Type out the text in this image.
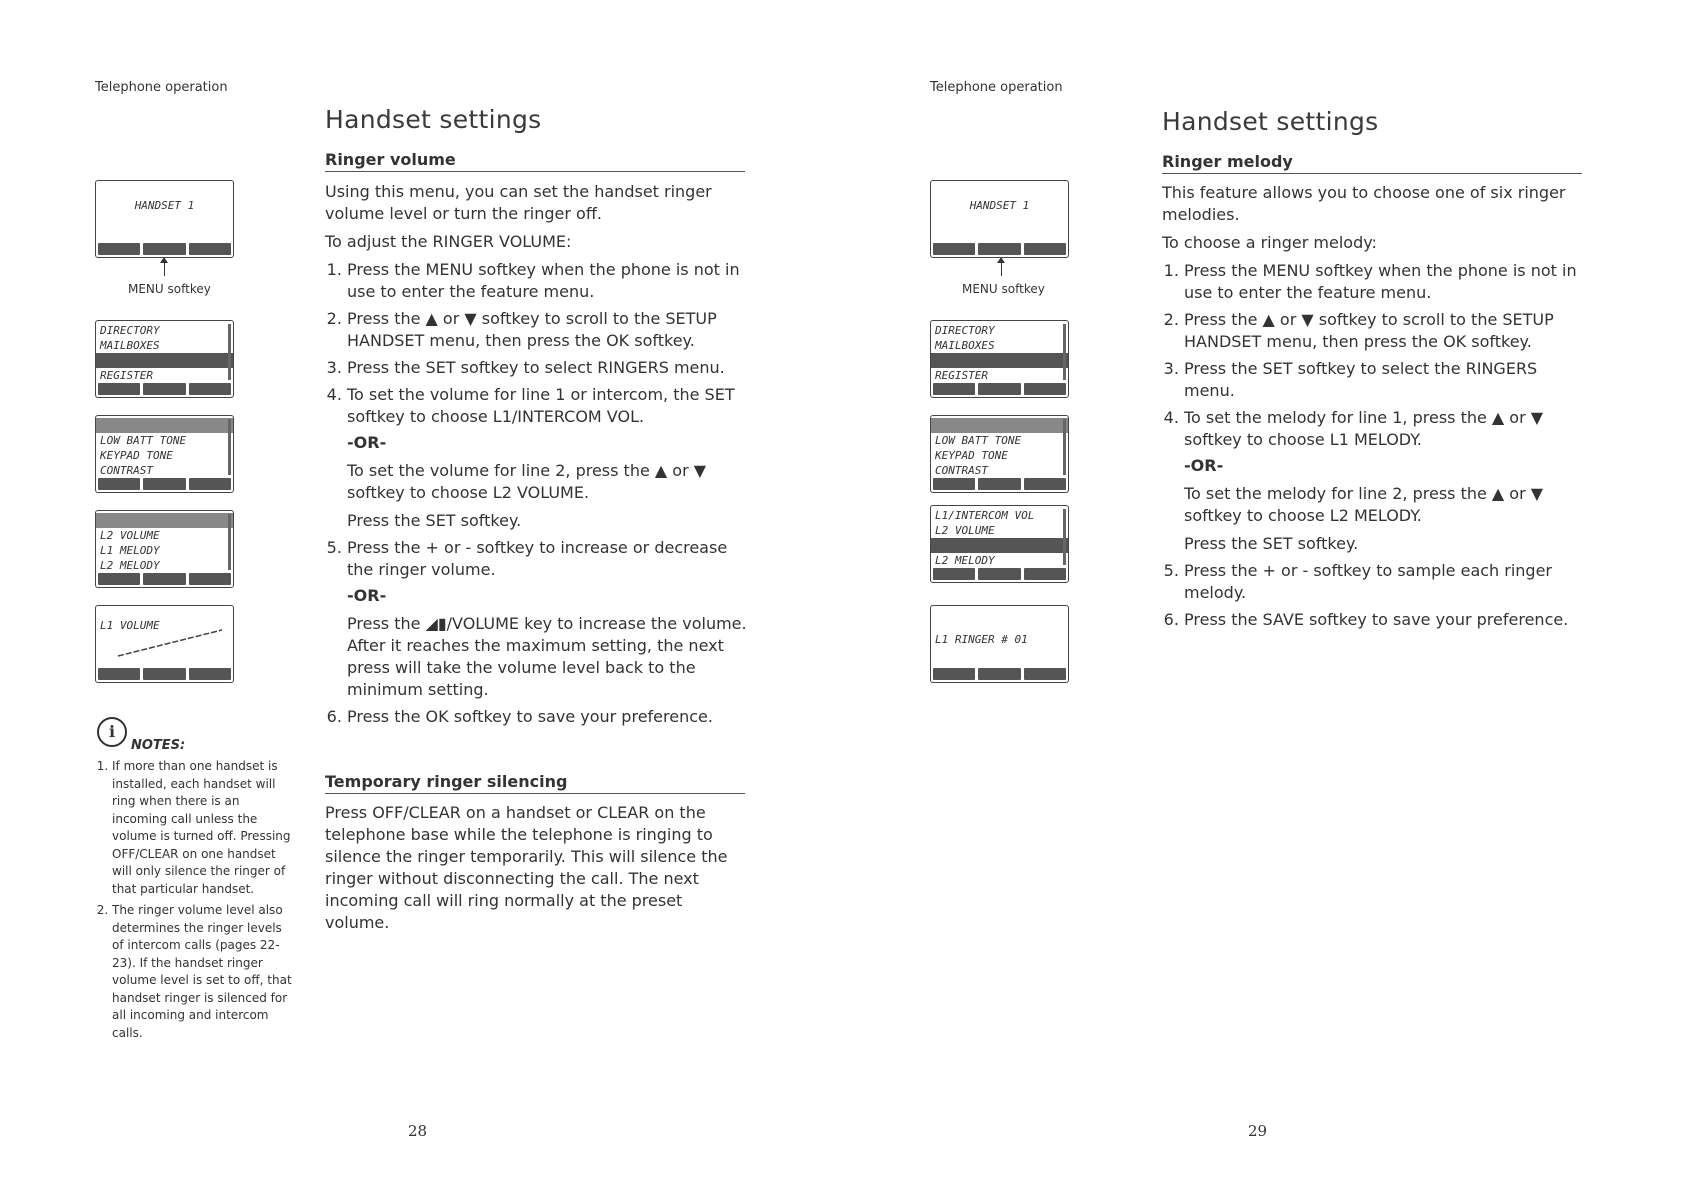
Telephone operation
Handset settings
HANDSET 1
MENU softkey
DIRECTORY
MAILBOXES
REGISTER
LOW BATT TONE
KEYPAD TONE
CONTRAST
L2 VOLUME
L1 MELODY
L2 MELODY
L1 VOLUME
i
NOTES:
1. If more than one handset is installed, each handset will ring when there is an incoming call unless the volume is turned off. Pressing OFF/CLEAR on one handset will only silence the ringer of that particular handset.
2. The ringer volume level also determines the ringer levels of intercom calls (pages 22-23). If the handset ringer volume level is set to off, that handset ringer is silenced for all incoming and intercom calls.
Ringer volume

Using this menu, you can set the handset ringer volume level or turn the ringer off.

To adjust the RINGER VOLUME:

1. Press the MENU softkey when the phone is not in use to enter the feature menu.
2. Press the ▲ or ▼ softkey to scroll to the SETUP HANDSET menu, then press the OK softkey.
3. Press the SET softkey to select RINGERS menu.
4. To set the volume for line 1 or intercom, the SET softkey to choose L1/INTERCOM VOL.
-OR-
To set the volume for line 2, press the ▲ or ▼ softkey to choose L2 VOLUME.
Press the SET softkey.
5. Press the + or - softkey to increase or decrease the ringer volume.
-OR-
Press the ◢▮/VOLUME key to increase the volume. After it reaches the maximum setting, the next press will take the volume level back to the minimum setting.
6. Press the OK softkey to save your preference.
Temporary ringer silencing

Press OFF/CLEAR on a handset or CLEAR on the telephone base while the telephone is ringing to silence the ringer temporarily. This will silence the ringer without disconnecting the call. The next incoming call will ring normally at the preset volume.

28
Telephone operation
Handset settings
HANDSET 1
MENU softkey
DIRECTORY
MAILBOXES
REGISTER
LOW BATT TONE
KEYPAD TONE
CONTRAST
L1/INTERCOM VOL
L2 VOLUME
L2 MELODY
L1 RINGER # 01
Ringer melody

This feature allows you to choose one of six ringer melodies.

To choose a ringer melody:

1. Press the MENU softkey when the phone is not in use to enter the feature menu.
2. Press the ▲ or ▼ softkey to scroll to the SETUP HANDSET menu, then press the OK softkey.
3. Press the SET softkey to select the RINGERS menu.
4. To set the melody for line 1, press the ▲ or ▼ softkey to choose L1 MELODY.
-OR-
To set the melody for line 2, press the ▲ or ▼ softkey to choose L2 MELODY.
Press the SET softkey.
5. Press the + or - softkey to sample each ringer melody.
6. Press the SAVE softkey to save your preference.
29
